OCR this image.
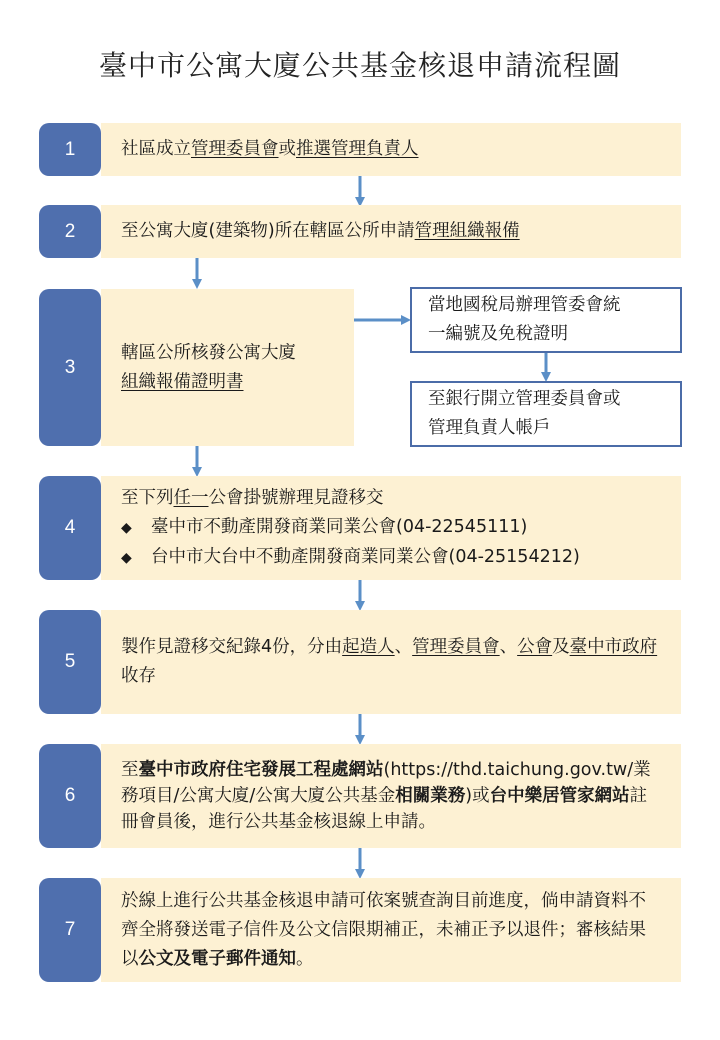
臺中市公寓大廈公共基金核退申請流程圖
1	社區成立管理委員會或推選管理負責人
2	至公寓大廈(建築物)所在轄區公所申請管理組織報備
3
轄區公所核發公寓大廈
組織報備證明書
當地國稅局辦理管委會統
一編號及免稅證明
至銀行開立管理委員會或
管理負責人帳戶
4
至下列任一公會掛號辦理見證移交
◆ 臺中市不動產開發商業同業公會(04-22545111)
◆ 台中市大台中不動產開發商業同業公會(04-25154212)
5
製作見證移交紀錄4份，分由起造人、管理委員會、公會及臺中市政府收存
6
至臺中市政府住宅發展工程處網站(https://thd.taichung.gov.tw/業務項目/公寓大廈/公寓大廈公共基金相關業務)或台中樂居管家網站註冊會員後，進行公共基金核退線上申請。
7
於線上進行公共基金核退申請可依案號查詢目前進度，倘申請資料不齊全將發送電子信件及公文信限期補正，未補正予以退件；審核結果以公文及電子郵件通知。
